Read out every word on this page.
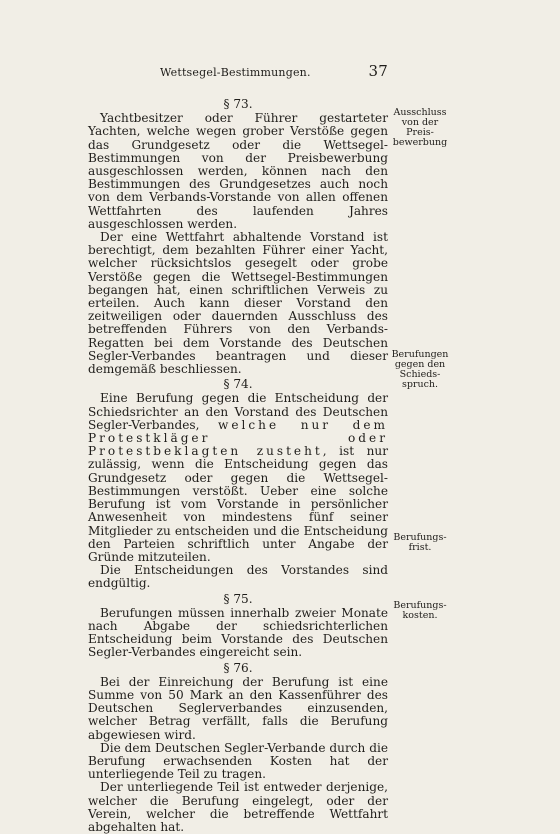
Wettsegel-Bestimmungen.	37
§ 73.

Yachtbesitzer oder Führer gestarteter Yachten, welche wegen grober Verstöße gegen das Grundgesetz oder die Wettsegel-Bestimmungen von der Preisbewerbung ausgeschlossen werden, können nach den Bestimmungen des Grundgesetzes auch noch von dem Verbands-Vorstande von allen offenen Wettfahrten des laufenden Jahres ausgeschlossen werden.

Der eine Wettfahrt abhaltende Vorstand ist berechtigt, dem bezahlten Führer einer Yacht, welcher rücksichtslos gesegelt oder grobe Verstöße gegen die Wettsegel-Bestimmungen begangen hat, einen schriftlichen Verweis zu erteilen. Auch kann dieser Vorstand den zeitweiligen oder dauernden Ausschluss des betreffenden Führers von den Verbands-Regatten bei dem Vorstande des Deutschen Segler-Verbandes beantragen und dieser demgemäß beschliessen.

§ 74.

Eine Berufung gegen die Entscheidung der Schiedsrichter an den Vorstand des Deutschen Segler-Verbandes, welche nur dem Protestkläger oder Protestbeklagten zusteht, ist nur zulässig, wenn die Entscheidung gegen das Grundgesetz oder gegen die Wettsegel-Bestimmungen verstößt. Ueber eine solche Berufung ist vom Vorstande in persönlicher Anwesenheit von mindestens fünf seiner Mitglieder zu entscheiden und die Entscheidung den Parteien schriftlich unter Angabe der Gründe mitzuteilen.

Die Entscheidungen des Vorstandes sind endgültig.

§ 75.

Berufungen müssen innerhalb zweier Monate nach Abgabe der schiedsrichterlichen Entscheidung beim Vorstande des Deutschen Segler-Verbandes eingereicht sein.

§ 76.

Bei der Einreichung der Berufung ist eine Summe von 50 Mark an den Kassenführer des Deutschen Seglerverbandes einzusenden, welcher Betrag verfällt, falls die Berufung abgewiesen wird.

Die dem Deutschen Segler-Verbande durch die Berufung erwachsenden Kosten hat der unterliegende Teil zu tragen.

Der unterliegende Teil ist entweder derjenige, welcher die Berufung eingelegt, oder der Verein, welcher die betreffende Wettfahrt abgehalten hat.

Ausschluss
von der
Preis-
bewerbung
Berufungen
gegen den
Schieds-
spruch.
Berufungs-
frist.
Berufungs-
kosten.
